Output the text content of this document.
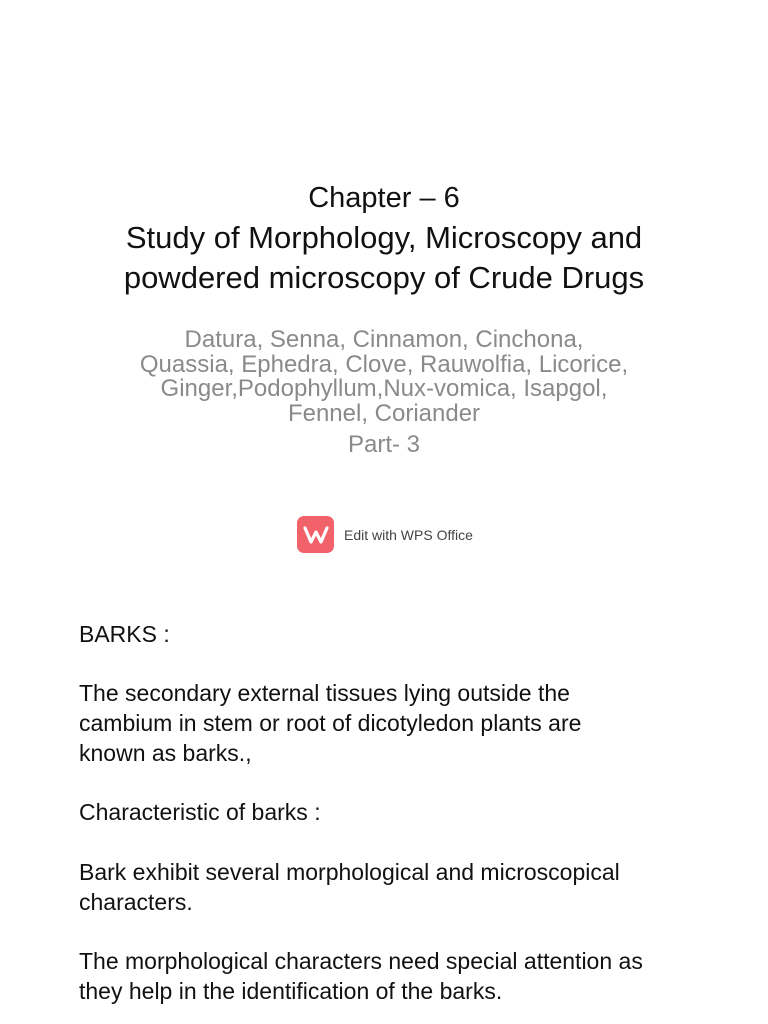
Chapter – 6
Study of Morphology, Microscopy and
powdered microscopy of Crude Drugs
Datura, Senna, Cinnamon, Cinchona,
Quassia, Ephedra, Clove, Rauwolfia, Licorice,
Ginger,Podophyllum,Nux-vomica, Isapgol,
Fennel, Coriander
Part- 3
Edit with WPS Office

BARKS :

The secondary external tissues lying outside the
cambium in stem or root of dicotyledon plants are
known as barks.,

Characteristic of barks :

Bark exhibit several morphological and microscopical
characters.
The morphological characters need special attention as
they help in the identification of the barks.
